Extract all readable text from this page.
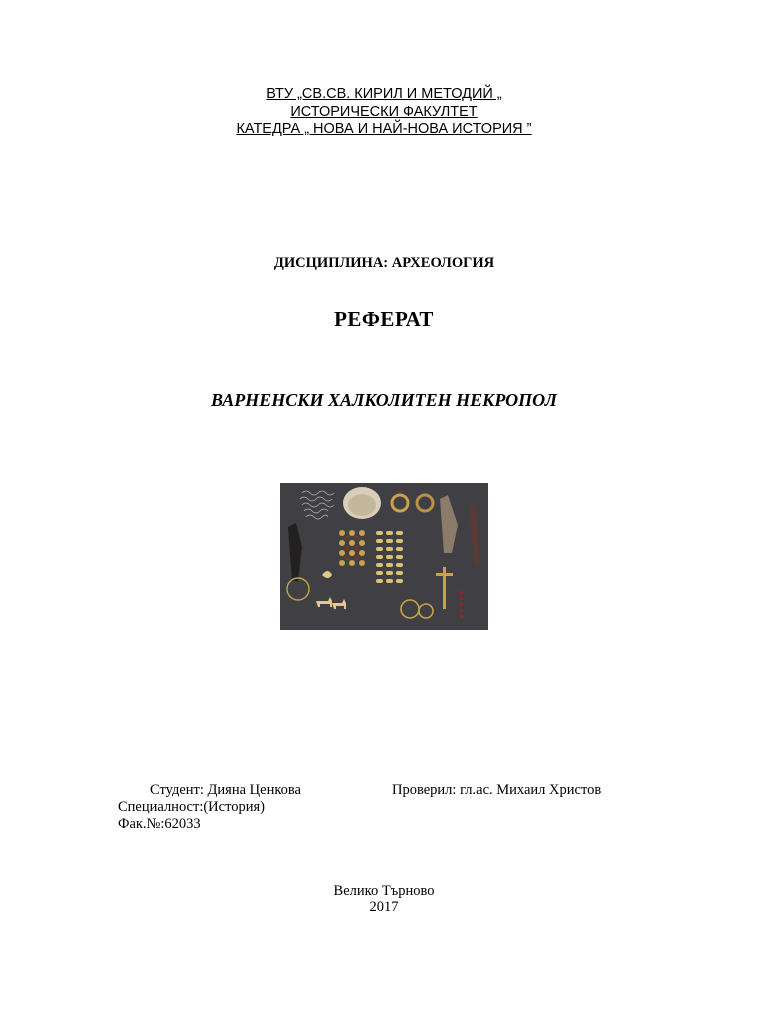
ВТУ „СВ.СВ. КИРИЛ И МЕТОДИЙ „
ИСТОРИЧЕСКИ ФАКУЛТЕТ
КАТЕДРА „ НОВА И НАЙ-НОВА ИСТОРИЯ ”
ДИСЦИПЛИНА: АРХЕОЛОГИЯ
РЕФЕРАТ
ВАРНЕНСКИ ХАЛКОЛИТЕН НЕКРОПОЛ
Студент: Дияна Ценкова	Проверил: гл.ас. Михаил Христов
Специалност:(История)
Фак.№:62033
Велико Търново
2017
